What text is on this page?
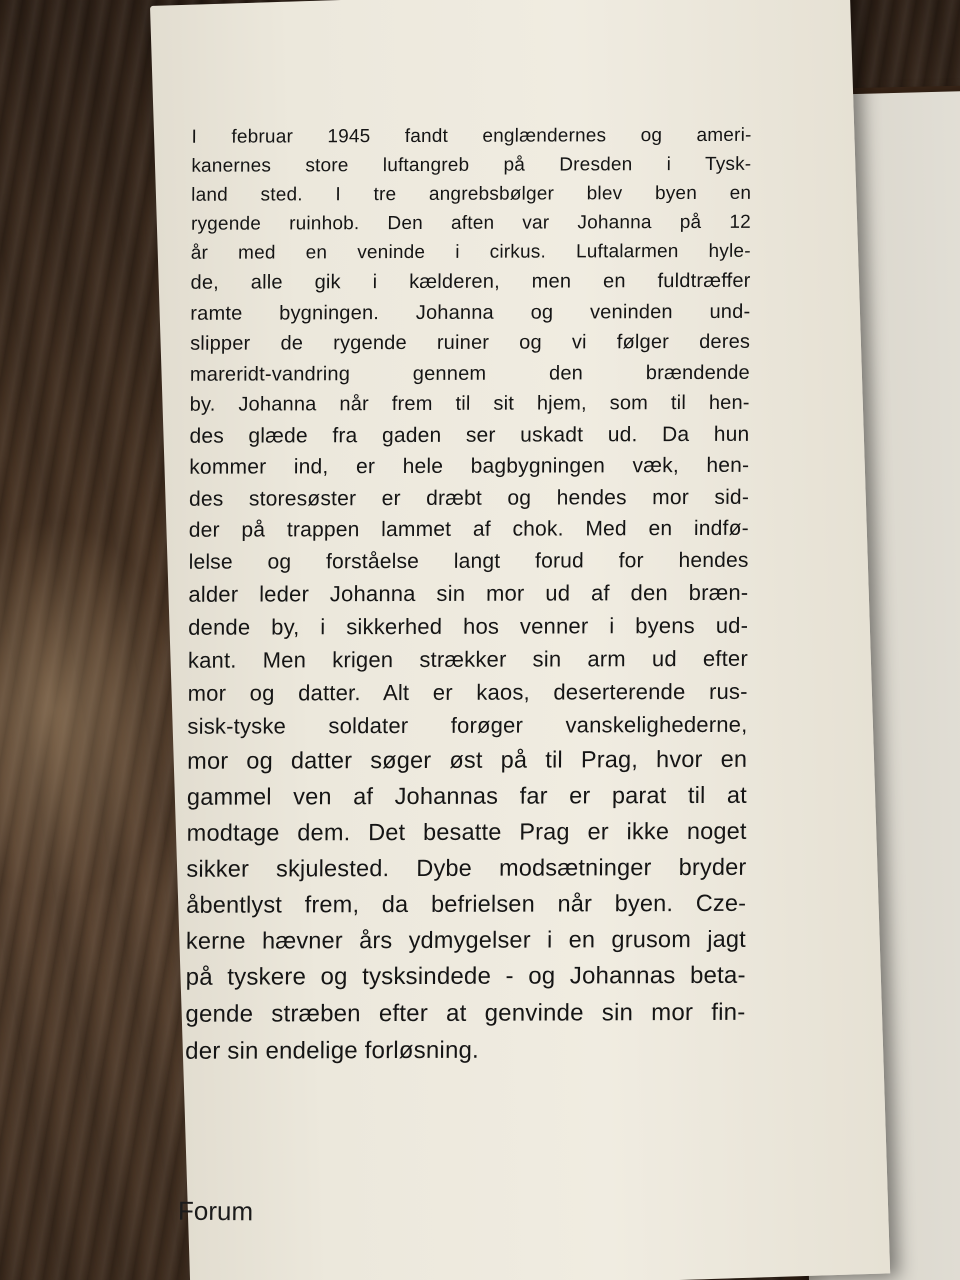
I februar 1945 fandt englændernes og ameri-
kanernes store luftangreb på Dresden i Tysk-
land sted. I tre angrebsbølger blev byen en
rygende ruinhob. Den aften var Johanna på 12
år med en veninde i cirkus. Luftalarmen hyle-
de, alle gik i kælderen, men en fuldtræffer
ramte bygningen. Johanna og veninden und-
slipper de rygende ruiner og vi følger deres
mareridt-vandring gennem den brændende
by. Johanna når frem til sit hjem, som til hen-
des glæde fra gaden ser uskadt ud. Da hun
kommer ind, er hele bagbygningen væk, hen-
des storesøster er dræbt og hendes mor sid-
der på trappen lammet af chok. Med en indfø-
lelse og forståelse langt forud for hendes
alder leder Johanna sin mor ud af den bræn-
dende by, i sikkerhed hos venner i byens ud-
kant. Men krigen strækker sin arm ud efter
mor og datter. Alt er kaos, deserterende rus-
sisk-tyske soldater forøger vanskelighederne,
mor og datter søger øst på til Prag, hvor en
gammel ven af Johannas far er parat til at
modtage dem. Det besatte Prag er ikke noget
sikker skjulested. Dybe modsætninger bryder
åbentlyst frem, da befrielsen når byen. Cze-
kerne hævner års ydmygelser i en grusom jagt
på tyskere og tysksindede - og Johannas beta-
gende stræben efter at genvinde sin mor fin-
der sin endelige forløsning.
Forum
